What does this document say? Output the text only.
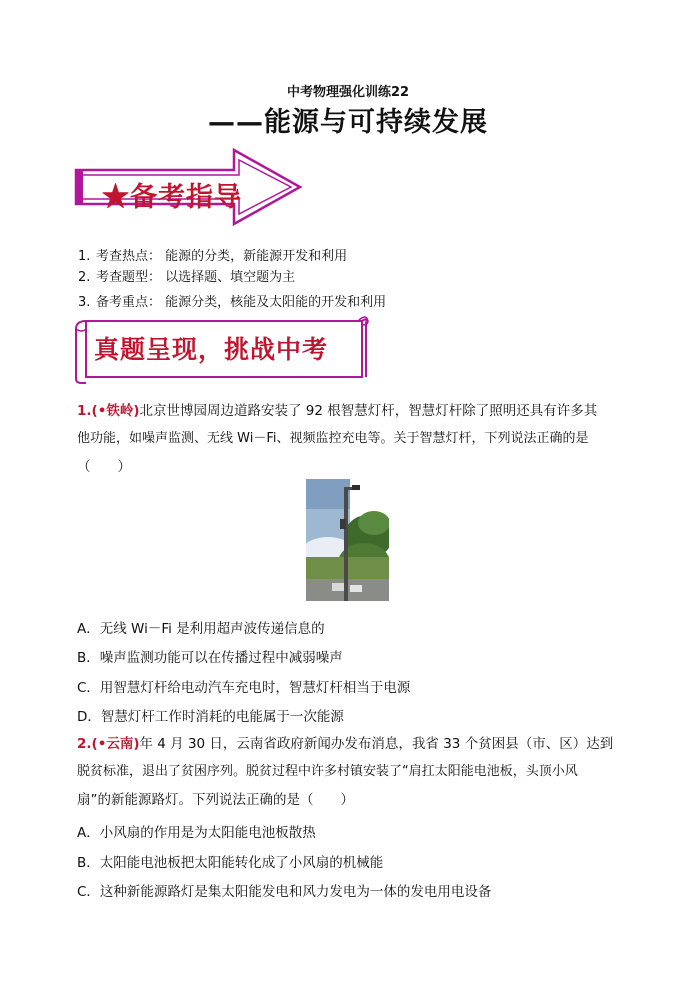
中考物理强化训练22
——能源与可持续发展
★备考指导
1. 考查热点： 能源的分类，新能源开发和利用
2. 考查题型： 以选择题、填空题为主
3. 备考重点： 能源分类，核能及太阳能的开发和利用
真题呈现，挑战中考
1.(•铁岭)北京世博园周边道路安装了 92 根智慧灯杆，智慧灯杆除了照明还具有许多其
他功能，如噪声监测、无线 Wi－Fi、视频监控充电等。关于智慧灯杆，下列说法正确的是
（　　）
A．无线 Wi－Fi 是利用超声波传递信息的
B．噪声监测功能可以在传播过程中减弱噪声
C．用智慧灯杆给电动汽车充电时，智慧灯杆相当于电源
D．智慧灯杆工作时消耗的电能属于一次能源
2.(•云南)年 4 月 30 日，云南省政府新闻办发布消息，我省 33 个贫困县（市、区）达到
脱贫标准，退出了贫困序列。脱贫过程中许多村镇安装了“肩扛太阳能电池板，头顶小风
扇”的新能源路灯。下列说法正确的是（　　）
A．小风扇的作用是为太阳能电池板散热
B．太阳能电池板把太阳能转化成了小风扇的机械能
C．这种新能源路灯是集太阳能发电和风力发电为一体的发电用电设备
